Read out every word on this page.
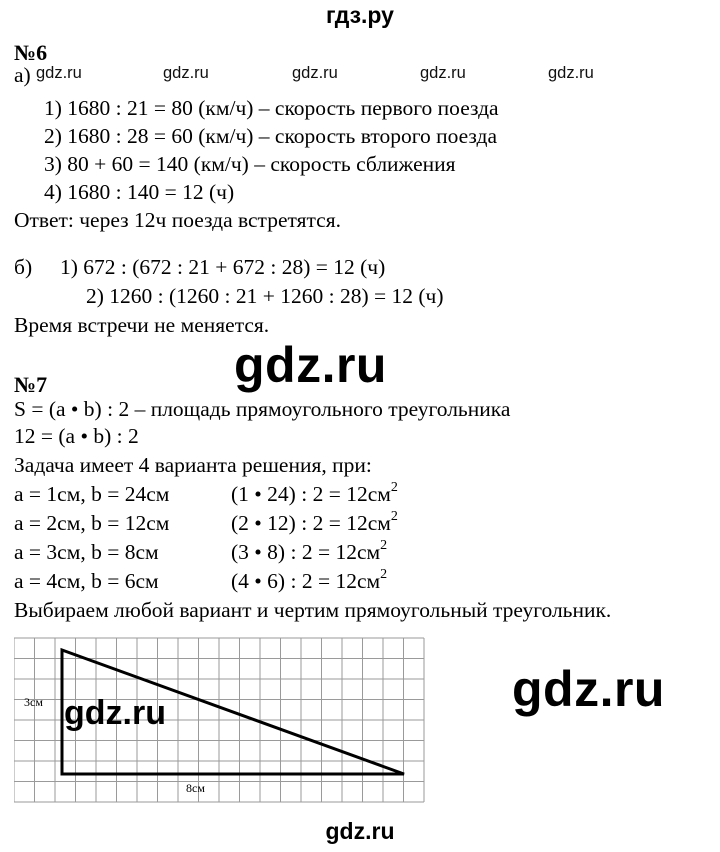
гдз.ру
№6
а) gdz.ru	gdz.ru	gdz.ru	gdz.ru	gdz.ru
1) 1680 : 21 = 80 (км/ч) – скорость первого поезда
2) 1680 : 28 = 60 (км/ч) – скорость второго поезда
3) 80 + 60 = 140 (км/ч) – скорость сближения
4) 1680 : 140 = 12 (ч)
Ответ: через 12ч поезда встретятся.
б) 1) 672 : (672 : 21 + 672 : 28) = 12 (ч)
2) 1260 : (1260 : 21 + 1260 : 28) = 12 (ч)
Время встречи не меняется.
gdz.ru
№7
S = (a • b) : 2 – площадь прямоугольного треугольника
12 = (a • b) : 2
Задача имеет 4 варианта решения, при:
a = 1см, b = 24см	(1 • 24) : $2 = 12см^2$
a = 2см, b = 12см	(2 • 12) : $2 = 12см^2$
a = 3см, b = 8см	(3 • 8) : $2 = 12см^2$
a = 4см, b = 6см	(4 • 6) : $2 = 12см^2$
Выбираем любой вариант и чертим прямоугольный треугольник.
3см
8см
gdz.ru	gdz.ru
gdz.ru
